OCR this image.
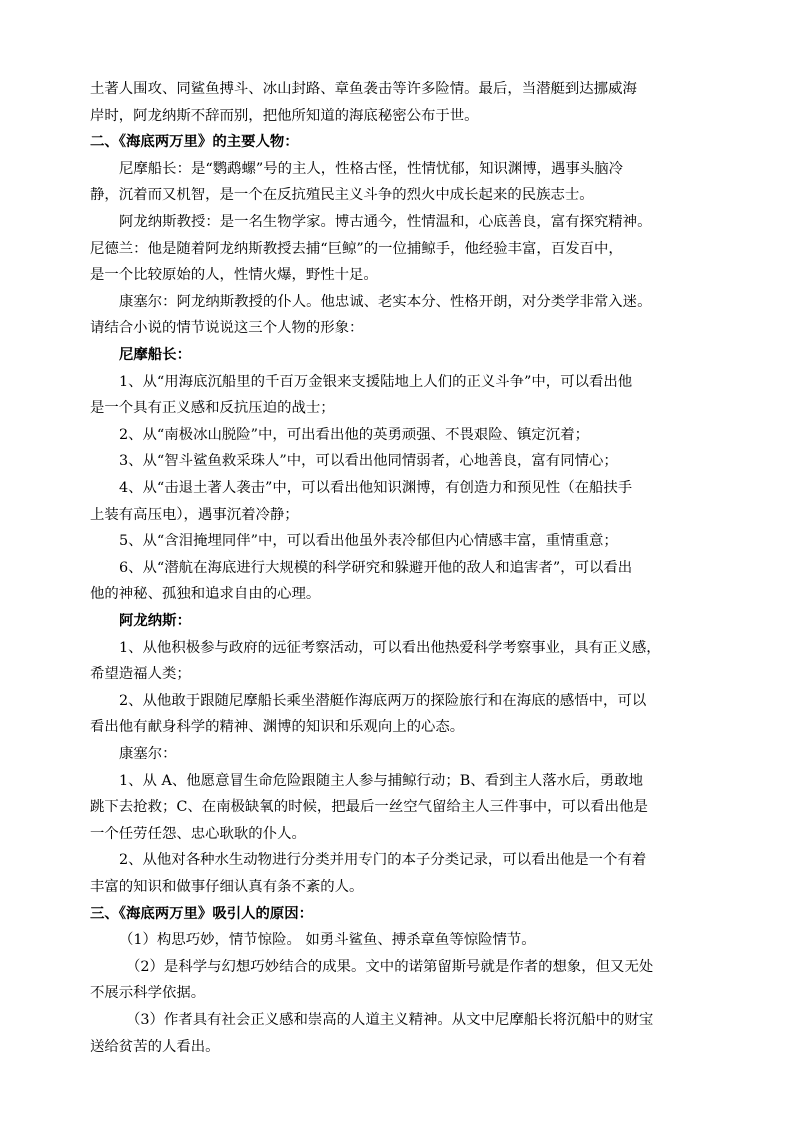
土著人围攻、同鲨鱼搏斗、冰山封路、章鱼袭击等许多险情。最后，当潜艇到达挪威海
岸时，阿龙纳斯不辞而别，把他所知道的海底秘密公布于世。
二、《海底两万里》的主要人物：
尼摩船长：是“鹦鹉螺”号的主人，性格古怪，性情忧郁，知识渊博，遇事头脑冷
静，沉着而又机智，是一个在反抗殖民主义斗争的烈火中成长起来的民族志士。
阿龙纳斯教授：是一名生物学家。博古通今，性情温和，心底善良，富有探究精神。
尼德兰：他是随着阿龙纳斯教授去捕“巨鲸”的一位捕鲸手，他经验丰富，百发百中，
是一个比较原始的人，性情火爆，野性十足。
康塞尔：阿龙纳斯教授的仆人。他忠诚、老实本分、性格开朗，对分类学非常入迷。
请结合小说的情节说说这三个人物的形象：
尼摩船长：
1、从“用海底沉船里的千百万金银来支援陆地上人们的正义斗争”中，可以看出他
是一个具有正义感和反抗压迫的战士；
2、从“南极冰山脱险”中，可出看出他的英勇顽强、不畏艰险、镇定沉着；
3、从“智斗鲨鱼救采珠人”中，可以看出他同情弱者，心地善良，富有同情心；
4、从“击退土著人袭击”中，可以看出他知识渊博，有创造力和预见性（在船扶手
上装有高压电），遇事沉着冷静；
5、从“含泪掩埋同伴”中，可以看出他虽外表冷郁但内心情感丰富，重情重意；
6、从“潜航在海底进行大规模的科学研究和躲避开他的敌人和追害者”，可以看出
他的神秘、孤独和追求自由的心理。
阿龙纳斯：
1、从他积极参与政府的远征考察活动，可以看出他热爱科学考察事业，具有正义感，
希望造福人类；
2、从他敢于跟随尼摩船长乘坐潜艇作海底两万的探险旅行和在海底的感悟中，可以
看出他有献身科学的精神、渊博的知识和乐观向上的心态。
康塞尔：
1、从 A、他愿意冒生命危险跟随主人参与捕鲸行动；B、看到主人落水后，勇敢地
跳下去抢救；C、在南极缺氧的时候，把最后一丝空气留给主人三件事中，可以看出他是
一个任劳任怨、忠心耿耿的仆人。
2、从他对各种水生动物进行分类并用专门的本子分类记录，可以看出他是一个有着
丰富的知识和做事仔细认真有条不紊的人。
三、《海底两万里》吸引人的原因：
（1）构思巧妙，情节惊险。 如勇斗鲨鱼、搏杀章鱼等惊险情节。
（2）是科学与幻想巧妙结合的成果。文中的诺第留斯号就是作者的想象，但又无处
不展示科学依据。
（3）作者具有社会正义感和崇高的人道主义精神。从文中尼摩船长将沉船中的财宝
送给贫苦的人看出。
